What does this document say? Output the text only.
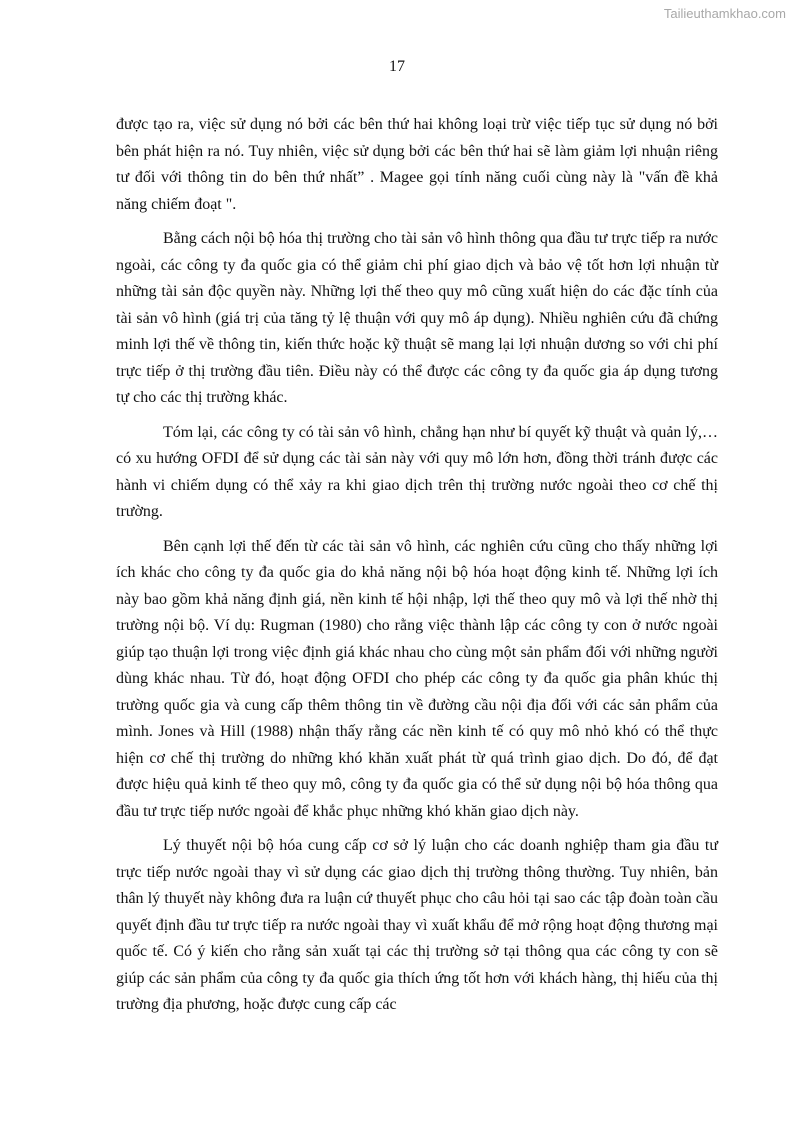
Tailieuthamkhao.com
17

được tạo ra, việc sử dụng nó bởi các bên thứ hai không loại trừ việc tiếp tục sử dụng nó bởi bên phát hiện ra nó. Tuy nhiên, việc sử dụng bởi các bên thứ hai sẽ làm giảm lợi nhuận riêng tư đối với thông tin do bên thứ nhất” . Magee gọi tính năng cuối cùng này là "vấn đề khả năng chiếm đoạt ".

Bằng cách nội bộ hóa thị trường cho tài sản vô hình thông qua đầu tư trực tiếp ra nước ngoài, các công ty đa quốc gia có thể giảm chi phí giao dịch và bảo vệ tốt hơn lợi nhuận từ những tài sản độc quyền này. Những lợi thế theo quy mô cũng xuất hiện do các đặc tính của tài sản vô hình (giá trị của tăng tỷ lệ thuận với quy mô áp dụng). Nhiều nghiên cứu đã chứng minh lợi thế về thông tin, kiến thức hoặc kỹ thuật sẽ mang lại lợi nhuận dương so với chi phí trực tiếp ở thị trường đầu tiên. Điều này có thể được các công ty đa quốc gia áp dụng tương tự cho các thị trường khác.

Tóm lại, các công ty có tài sản vô hình, chẳng hạn như bí quyết kỹ thuật và quản lý,… có xu hướng OFDI để sử dụng các tài sản này với quy mô lớn hơn, đồng thời tránh được các hành vi chiếm dụng có thể xảy ra khi giao dịch trên thị trường nước ngoài theo cơ chế thị trường.

Bên cạnh lợi thế đến từ các tài sản vô hình, các nghiên cứu cũng cho thấy những lợi ích khác cho công ty đa quốc gia do khả năng nội bộ hóa hoạt động kinh tế. Những lợi ích này bao gồm khả năng định giá, nền kinh tế hội nhập, lợi thế theo quy mô và lợi thế nhờ thị trường nội bộ. Ví dụ: Rugman (1980) cho rằng việc thành lập các công ty con ở nước ngoài giúp tạo thuận lợi trong việc định giá khác nhau cho cùng một sản phẩm đối với những người dùng khác nhau. Từ đó, hoạt động OFDI cho phép các công ty đa quốc gia phân khúc thị trường quốc gia và cung cấp thêm thông tin về đường cầu nội địa đối với các sản phẩm của mình. Jones và Hill (1988) nhận thấy rằng các nền kinh tế có quy mô nhỏ khó có thể thực hiện cơ chế thị trường do những khó khăn xuất phát từ quá trình giao dịch. Do đó, để đạt được hiệu quả kinh tế theo quy mô, công ty đa quốc gia có thể sử dụng nội bộ hóa thông qua đầu tư trực tiếp nước ngoài để khắc phục những khó khăn giao dịch này.

Lý thuyết nội bộ hóa cung cấp cơ sở lý luận cho các doanh nghiệp tham gia đầu tư trực tiếp nước ngoài thay vì sử dụng các giao dịch thị trường thông thường. Tuy nhiên, bản thân lý thuyết này không đưa ra luận cứ thuyết phục cho câu hỏi tại sao các tập đoàn toàn cầu quyết định đầu tư trực tiếp ra nước ngoài thay vì xuất khẩu để mở rộng hoạt động thương mại quốc tế. Có ý kiến cho rằng sản xuất tại các thị trường sở tại thông qua các công ty con sẽ giúp các sản phẩm của công ty đa quốc gia thích ứng tốt hơn với khách hàng, thị hiếu của thị trường địa phương, hoặc được cung cấp các
